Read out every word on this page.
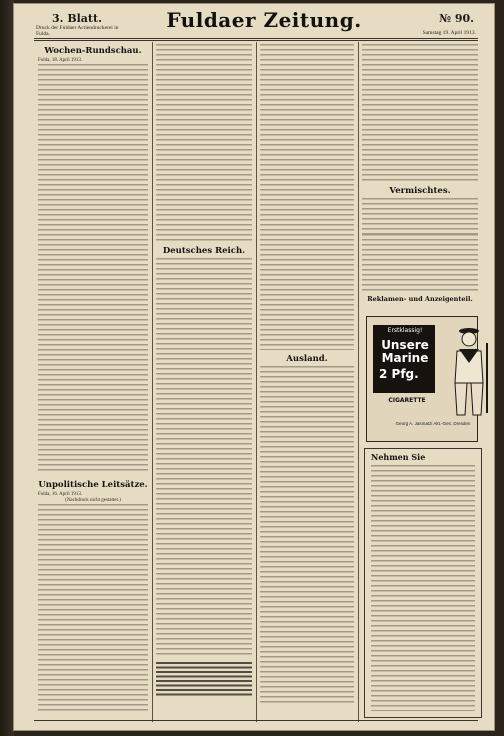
3. Blatt.
Druck der Fuldaer Actiendruckerei in Fulda.
Fuldaer Zeitung.	№ 90.
Samstag 19. April 1913.
Wochen-Rundschau.
Fulda, 18. April 1913.
Unpolitische Leitsätze.
Fulda, 16. April 1913.
(Nachdruck nicht gestattet.)
Deutsches Reich.
Ausland.
Vermischtes.
Reklamen- und Anzeigenteil.
Erstklassig!
Unsere Marine
2 Pfg.
CIGARETTE
Georg A. Jasmatzi Akt.-Ges. Dresden
Nehmen Sie
